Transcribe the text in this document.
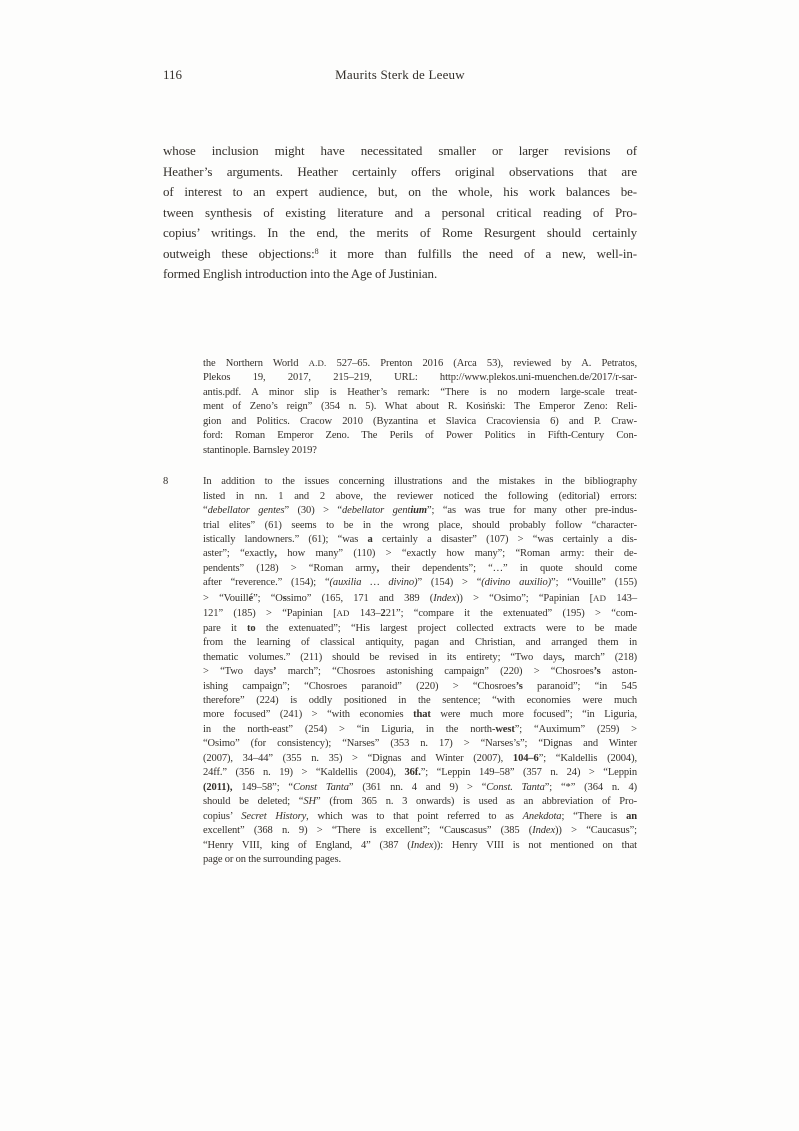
116	Maurits Sterk de Leeuw
whose inclusion might have necessitated smaller or larger revisions of
Heather’s arguments. Heather certainly offers original observations that are
of interest to an expert audience, but, on the whole, his work balances be-
tween synthesis of existing literature and a personal critical reading of Pro-
copius’ writings. In the end, the merits of Rome Resurgent should certainly
outweigh these objections:$^8$ it more than fulfills the need of a new, well-in-
formed English introduction into the Age of Justinian.
the Northern World A.D. 527–65. Prenton 2016 (Arca 53), reviewed by A. Petratos,
Plekos 19, 2017, 215–219, URL: http://www.plekos.uni-muenchen.de/2017/r-sar-
antis.pdf. A minor slip is Heather’s remark: “There is no modern large-scale treat-
ment of Zeno’s reign” (354 n. 5). What about R. Kosiński: The Emperor Zeno: Reli-
gion and Politics. Cracow 2010 (Byzantina et Slavica Cracoviensia 6) and P. Craw-
ford: Roman Emperor Zeno. The Perils of Power Politics in Fifth-Century Con-
stantinople. Barnsley 2019?
8	In addition to the issues concerning illustrations and the mistakes in the bibliography
listed in nn. 1 and 2 above, the reviewer noticed the following (editorial) errors:
“debellator gentes” (30) > “debellator gentium”; “as was true for many other pre-indus-
trial elites” (61) seems to be in the wrong place, should probably follow “character-
istically landowners.” (61); “was a certainly a disaster” (107) > “was certainly a dis-
aster”; “exactly, how many” (110) > “exactly how many”; “Roman army: their de-
pendents” (128) > “Roman army, their dependents”; “…” in quote should come
after “reverence.” (154); “(auxilia … divino)” (154) > “(divino auxilio)”; “Vouille” (155)
> “Vouillé”; “Ossimo” (165, 171 and 389 (Index)) > “Osimo”; “Papinian [AD 143–
121” (185) > “Papinian [AD 143–221”; “compare it the extenuated” (195) > “com-
pare it to the extenuated”; “His largest project collected extracts were to be made
from the learning of classical antiquity, pagan and Christian, and arranged them in
thematic volumes.” (211) should be revised in its entirety; “Two days, march” (218)
> “Two days’ march”; “Chosroes astonishing campaign” (220) > “Chosroes’s aston-
ishing campaign”; “Chosroes paranoid” (220) > “Chosroes’s paranoid”; “in 545
therefore” (224) is oddly positioned in the sentence; “with economies were much
more focused” (241) > “with economies that were much more focused”; “in Liguria,
in the north-east” (254) > “in Liguria, in the north-west”; “Auximum” (259) >
“Osimo” (for consistency); “Narses” (353 n. 17) > “Narses’s”; “Dignas and Winter
(2007), 34–44” (355 n. 35) > “Dignas and Winter (2007), 104–6”; “Kaldellis (2004),
24ff.” (356 n. 19) > “Kaldellis (2004), 36f.”; “Leppin 149–58” (357 n. 24) > “Leppin
(2011), 149–58”; “Const Tanta” (361 nn. 4 and 9) > “Const. Tanta”; “*” (364 n. 4)
should be deleted; “SH” (from 365 n. 3 onwards) is used as an abbreviation of Pro-
copius’ Secret History, which was to that point referred to as Anekdota; “There is an
excellent” (368 n. 9) > “There is excellent”; “Causcasus” (385 (Index)) > “Caucasus”;
“Henry VIII, king of England, 4” (387 (Index)): Henry VIII is not mentioned on that
page or on the surrounding pages.
